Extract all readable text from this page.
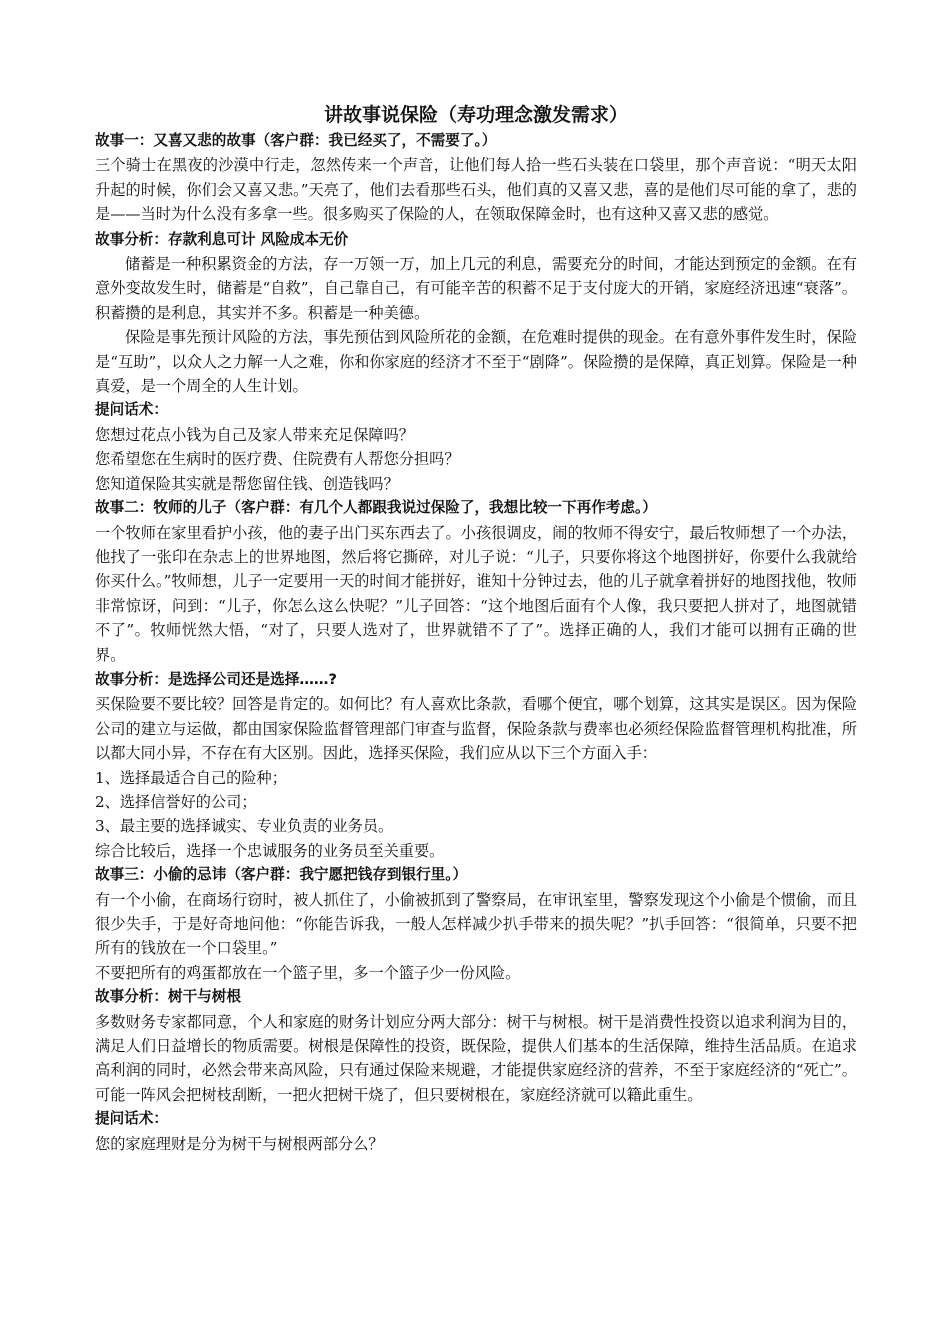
讲故事说保险（寿功理念激发需求）
故事一：又喜又悲的故事（客户群：我已经买了，不需要了。）

三个骑士在黑夜的沙漠中行走，忽然传来一个声音，让他们每人拾一些石头装在口袋里，那个声音说：“明天太阳升起的时候，你们会又喜又悲。”天亮了，他们去看那些石头，他们真的又喜又悲，喜的是他们尽可能的拿了，悲的是——当时为什么没有多拿一些。很多购买了保险的人，在领取保障金时，也有这种又喜又悲的感觉。

故事分析：存款利息可计 风险成本无价

储蓄是一种积累资金的方法，存一万领一万，加上几元的利息，需要充分的时间，才能达到预定的金额。在有意外变故发生时，储蓄是“自救”，自己靠自己，有可能辛苦的积蓄不足于支付庞大的开销，家庭经济迅速“衰落”。积蓄攒的是利息，其实并不多。积蓄是一种美德。

保险是事先预计风险的方法，事先预估到风险所花的金额，在危难时提供的现金。在有意外事件发生时，保险是“互助”，以众人之力解一人之难，你和你家庭的经济才不至于“剧降”。保险攒的是保障，真正划算。保险是一种真爱，是一个周全的人生计划。

提问话术：

您想过花点小钱为自己及家人带来充足保障吗？

您希望您在生病时的医疗费、住院费有人帮您分担吗？

您知道保险其实就是帮您留住钱、创造钱吗？

故事二：牧师的儿子（客户群：有几个人都跟我说过保险了，我想比较一下再作考虑。）

一个牧师在家里看护小孩，他的妻子出门买东西去了。小孩很调皮，闹的牧师不得安宁，最后牧师想了一个办法，他找了一张印在杂志上的世界地图，然后将它撕碎，对儿子说：“儿子，只要你将这个地图拼好，你要什么我就给你买什么。”牧师想，儿子一定要用一天的时间才能拼好，谁知十分钟过去，他的儿子就拿着拼好的地图找他，牧师非常惊讶，问到：“儿子，你怎么这么快呢？”儿子回答：“这个地图后面有个人像，我只要把人拼对了，地图就错不了”。牧师恍然大悟，“对了，只要人选对了，世界就错不了了”。选择正确的人，我们才能可以拥有正确的世界。

故事分析：是选择公司还是选择……?

买保险要不要比较？回答是肯定的。如何比？有人喜欢比条款，看哪个便宜，哪个划算，这其实是误区。因为保险公司的建立与运做，都由国家保险监督管理部门审查与监督，保险条款与费率也必须经保险监督管理机构批准，所以都大同小异，不存在有大区别。因此，选择买保险，我们应从以下三个方面入手：

1、选择最适合自己的险种；

2、选择信誉好的公司；

3、最主要的选择诚实、专业负责的业务员。

综合比较后，选择一个忠诚服务的业务员至关重要。

故事三：小偷的忌讳（客户群：我宁愿把钱存到银行里。）

有一个小偷，在商场行窃时，被人抓住了，小偷被抓到了警察局，在审讯室里，警察发现这个小偷是个惯偷，而且很少失手，于是好奇地问他：“你能告诉我，一般人怎样减少扒手带来的损失呢？”扒手回答：“很简单，只要不把所有的钱放在一个口袋里。”

不要把所有的鸡蛋都放在一个篮子里，多一个篮子少一份风险。

故事分析：树干与树根

多数财务专家都同意，个人和家庭的财务计划应分两大部分：树干与树根。树干是消费性投资以追求利润为目的，满足人们日益增长的物质需要。树根是保障性的投资，既保险，提供人们基本的生活保障，维持生活品质。在追求高利润的同时，必然会带来高风险，只有通过保险来规避，才能提供家庭经济的营养，不至于家庭经济的“死亡”。可能一阵风会把树枝刮断，一把火把树干烧了，但只要树根在，家庭经济就可以籍此重生。

提问话术：

您的家庭理财是分为树干与树根两部分么？
